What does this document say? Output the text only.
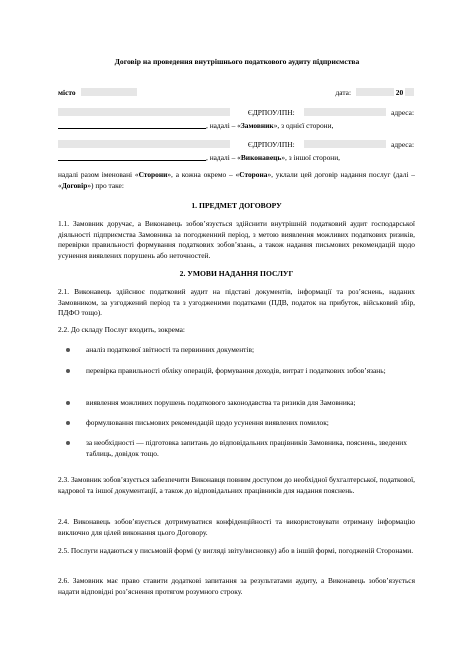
Договір на проведення внутрішнього податкового аудиту підприємства
місто	дата:	20
ЄДРПОУ/ІПН:	адреса:
, надалі – «Замовник», з однієї сторони,
ЄДРПОУ/ІПН:	адреса:
, надалі – «Виконавець», з іншої сторони,
надалі разом іменовані «Сторони», а кожна окремо – «Сторона», уклали цей договір надання послуг (далі – «Договір») про таке:
1. ПРЕДМЕТ ДОГОВОРУ
1.1. Замовник доручає, а Виконавець зобов’язується здійснити внутрішній податковий аудит господарської діяльності підприємства Замовника за погодженний період, з метою виявлення можливих податкових ризиків, перевірки правильності формування податкових зобов’язань, а також надання письмових рекомендацій щодо усунення виявлених порушень або неточностей.
2. УМОВИ НАДАННЯ ПОСЛУГ
2.1. Виконавець здійснює податковий аудит на підставі документів, інформації та роз’яснень, наданих Замовником, за узгоджений період та з узгодженими податками (ПДВ, податок на прибуток, військовий збір, ПДФО тощо).
2.2. До складу Послуг входить, зокрема:
аналіз податкової звітності та первинних документів;
перевірка правильності обліку операцій, формування доходів, витрат і податкових зобов’язань;
виявлення можливих порушень податкового законодавства та ризиків для Замовника;
формулювання письмових рекомендацій щодо усунення виявлених помилок;
за необхідності — підготовка запитань до відповідальних працівників Замовника, пояснень, зведених таблиць, довідок тощо.
2.3. Замовник зобов’язується забезпечити Виконавця повним доступом до необхідної бухгалтерської, податкової, кадрової та іншої документації, а також до відповідальних працівників для надання пояснень.
2.4. Виконавець зобов’язується дотримуватися конфіденційності та використовувати отриману інформацію виключно для цілей виконання цього Договору.
2.5. Послуги надаються у письмовій формі (у вигляді звіту/висновку) або в іншій формі, погодженій Сторонами.
2.6. Замовник має право ставити додаткові запитання за результатами аудиту, а Виконавець зобов’язується надати відповідні роз’яснення протягом розумного строку.
